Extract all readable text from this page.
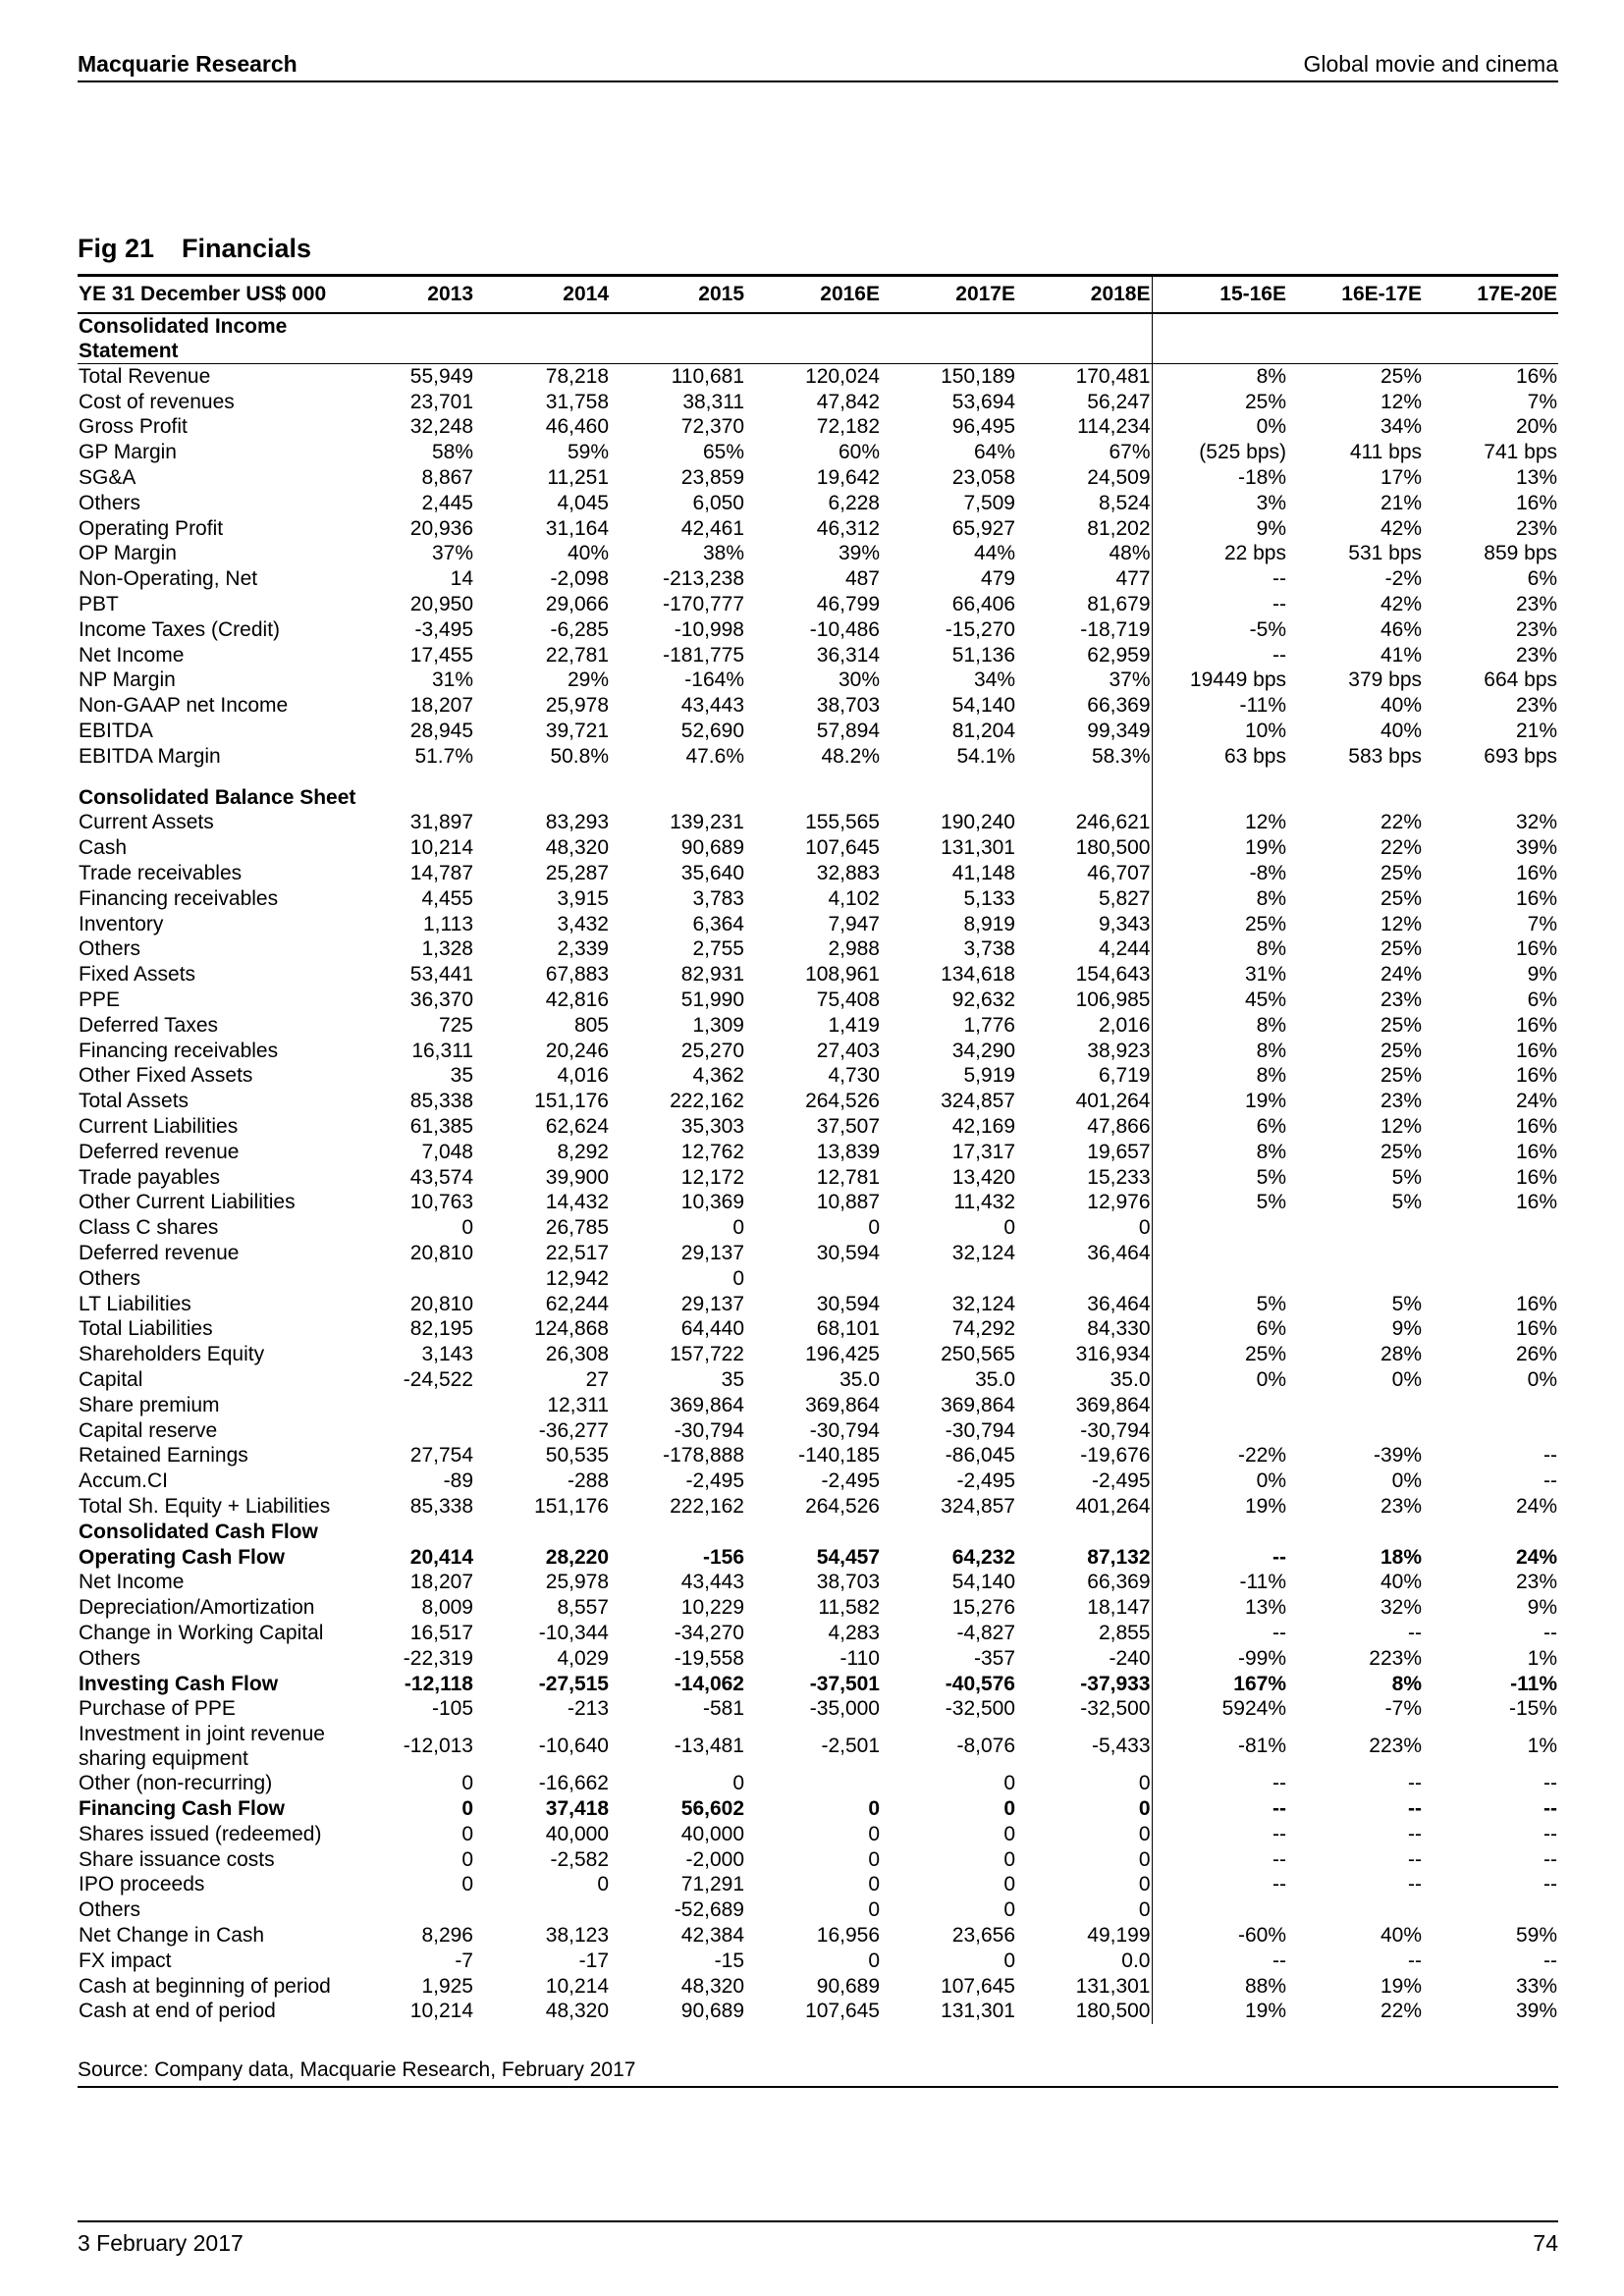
Macquarie Research	Global movie and cinema
Fig 21 Financials
YE 31 December US$ 000	2013	2014	2015	2016E	2017E	2018E	15-16E	16E-17E	17E-20E
Consolidated Income Statement									
Total Revenue	55,949	78,218	110,681	120,024	150,189	170,481	8%	25%	16%
Cost of revenues	23,701	31,758	38,311	47,842	53,694	56,247	25%	12%	7%
Gross Profit	32,248	46,460	72,370	72,182	96,495	114,234	0%	34%	20%
GP Margin	58%	59%	65%	60%	64%	67%	(525 bps)	411 bps	741 bps
SG&A	8,867	11,251	23,859	19,642	23,058	24,509	-18%	17%	13%
Others	2,445	4,045	6,050	6,228	7,509	8,524	3%	21%	16%
Operating Profit	20,936	31,164	42,461	46,312	65,927	81,202	9%	42%	23%
OP Margin	37%	40%	38%	39%	44%	48%	22 bps	531 bps	859 bps
Non-Operating, Net	14	-2,098	-213,238	487	479	477	--	-2%	6%
PBT	20,950	29,066	-170,777	46,799	66,406	81,679	--	42%	23%
Income Taxes (Credit)	-3,495	-6,285	-10,998	-10,486	-15,270	-18,719	-5%	46%	23%
Net Income	17,455	22,781	-181,775	36,314	51,136	62,959	--	41%	23%
NP Margin	31%	29%	-164%	30%	34%	37%	19449 bps	379 bps	664 bps
Non-GAAP net Income	18,207	25,978	43,443	38,703	54,140	66,369	-11%	40%	23%
EBITDA	28,945	39,721	52,690	57,894	81,204	99,349	10%	40%	21%
EBITDA Margin	51.7%	50.8%	47.6%	48.2%	54.1%	58.3%	63 bps	583 bps	693 bps

Consolidated Balance Sheet									
Current Assets	31,897	83,293	139,231	155,565	190,240	246,621	12%	22%	32%
Cash	10,214	48,320	90,689	107,645	131,301	180,500	19%	22%	39%
Trade receivables	14,787	25,287	35,640	32,883	41,148	46,707	-8%	25%	16%
Financing receivables	4,455	3,915	3,783	4,102	5,133	5,827	8%	25%	16%
Inventory	1,113	3,432	6,364	7,947	8,919	9,343	25%	12%	7%
Others	1,328	2,339	2,755	2,988	3,738	4,244	8%	25%	16%
Fixed Assets	53,441	67,883	82,931	108,961	134,618	154,643	31%	24%	9%
PPE	36,370	42,816	51,990	75,408	92,632	106,985	45%	23%	6%
Deferred Taxes	725	805	1,309	1,419	1,776	2,016	8%	25%	16%
Financing receivables	16,311	20,246	25,270	27,403	34,290	38,923	8%	25%	16%
Other Fixed Assets	35	4,016	4,362	4,730	5,919	6,719	8%	25%	16%
Total Assets	85,338	151,176	222,162	264,526	324,857	401,264	19%	23%	24%
Current Liabilities	61,385	62,624	35,303	37,507	42,169	47,866	6%	12%	16%
Deferred revenue	7,048	8,292	12,762	13,839	17,317	19,657	8%	25%	16%
Trade payables	43,574	39,900	12,172	12,781	13,420	15,233	5%	5%	16%
Other Current Liabilities	10,763	14,432	10,369	10,887	11,432	12,976	5%	5%	16%
Class C shares	0	26,785	0	0	0	0			
Deferred revenue	20,810	22,517	29,137	30,594	32,124	36,464			
Others		12,942	0						
LT Liabilities	20,810	62,244	29,137	30,594	32,124	36,464	5%	5%	16%
Total Liabilities	82,195	124,868	64,440	68,101	74,292	84,330	6%	9%	16%
Shareholders Equity	3,143	26,308	157,722	196,425	250,565	316,934	25%	28%	26%
Capital	-24,522	27	35	35.0	35.0	35.0	0%	0%	0%
Share premium		12,311	369,864	369,864	369,864	369,864			
Capital reserve		-36,277	-30,794	-30,794	-30,794	-30,794			
Retained Earnings	27,754	50,535	-178,888	-140,185	-86,045	-19,676	-22%	-39%	--
Accum.CI	-89	-288	-2,495	-2,495	-2,495	-2,495	0%	0%	--
Total Sh. Equity + Liabilities	85,338	151,176	222,162	264,526	324,857	401,264	19%	23%	24%
Consolidated Cash Flow									
Operating Cash Flow	20,414	28,220	-156	54,457	64,232	87,132	--	18%	24%
Net Income	18,207	25,978	43,443	38,703	54,140	66,369	-11%	40%	23%
Depreciation/Amortization	8,009	8,557	10,229	11,582	15,276	18,147	13%	32%	9%
Change in Working Capital	16,517	-10,344	-34,270	4,283	-4,827	2,855	--	--	--
Others	-22,319	4,029	-19,558	-110	-357	-240	-99%	223%	1%
Investing Cash Flow	-12,118	-27,515	-14,062	-37,501	-40,576	-37,933	167%	8%	-11%
Purchase of PPE	-105	-213	-581	-35,000	-32,500	-32,500	5924%	-7%	-15%
Investment in joint revenue sharing equipment	-12,013	-10,640	-13,481	-2,501	-8,076	-5,433	-81%	223%	1%
Other (non-recurring)	0	-16,662	0		0	0	--	--	--
Financing Cash Flow	0	37,418	56,602	0	0	0	--	--	--
Shares issued (redeemed)	0	40,000	40,000	0	0	0	--	--	--
Share issuance costs	0	-2,582	-2,000	0	0	0	--	--	--
IPO proceeds	0	0	71,291	0	0	0	--	--	--
Others			-52,689	0	0	0			
Net Change in Cash	8,296	38,123	42,384	16,956	23,656	49,199	-60%	40%	59%
FX impact	-7	-17	-15	0	0	0.0	--	--	--
Cash at beginning of period	1,925	10,214	48,320	90,689	107,645	131,301	88%	19%	33%
Cash at end of period	10,214	48,320	90,689	107,645	131,301	180,500	19%	22%	39%
Source: Company data, Macquarie Research, February 2017
3 February 2017	74
